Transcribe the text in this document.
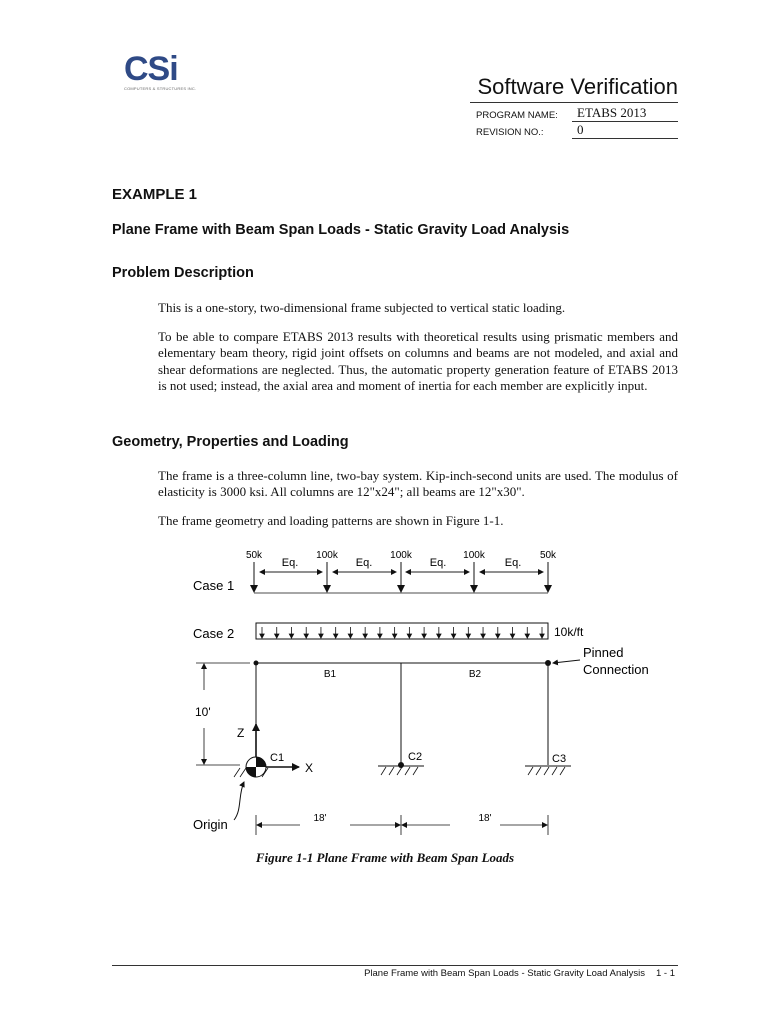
CSi
COMPUTERS & STRUCTURES INC.	Software Verification
PROGRAM NAME: ETABS 2013
REVISION NO.:	0
EXAMPLE 1
Plane Frame with Beam Span Loads - Static Gravity Load Analysis
Problem Description
This is a one-story, two-dimensional frame subjected to vertical static loading.
To be able to compare ETABS 2013 results with theoretical results using prismatic members and elementary beam theory, rigid joint offsets on columns and beams are not modeled, and axial and shear deformations are neglected. Thus, the automatic property generation feature of ETABS 2013 is not used; instead, the axial area and moment of inertia for each member are explicitly input.
Geometry, Properties and Loading
The frame is a three-column line, two-bay system. Kip-inch-second units are used. The modulus of elasticity is 3000 ksi. All columns are 12"x24"; all beams are 12"x30".
The frame geometry and loading patterns are shown in Figure 1-1.
50k	100k	100k	100k	50k
Eq.	Eq.	Eq.	Eq.
Case 1
Case 2	10k/ft
Pinned
Connection
B1	B2
10'
Z
X
C1	C2	C3
Origin	18'	18'
Figure 1-1 Plane Frame with Beam Span Loads
Plane Frame with Beam Span Loads - Static Gravity Load Analysis 1 - 1
